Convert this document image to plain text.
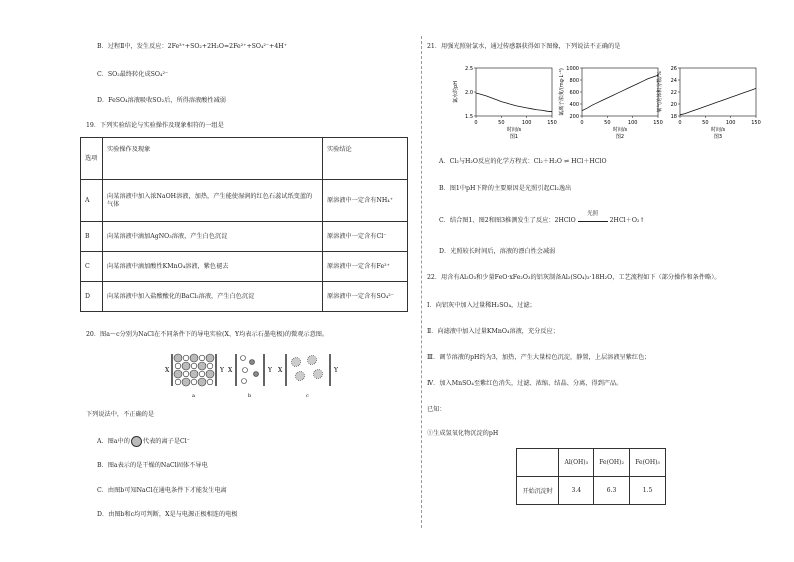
B．过程Ⅱ中，发生反应：2Fe³⁺+SO₂+2H₂O=2Fe²⁺+SO₄²⁻+4H⁺
C．SO₂最终转化成SO₄²⁻
D．FeSO₄溶液吸收SO₂后，所得溶液酸性减弱
19．下列实验结论与实验操作及现象相符的一组是
选项	实验操作及现象	实验结论
A	向某溶液中加入浓NaOH溶液，加热，产生能使湿润的红色石蕊试纸变蓝的气体	原溶液中一定含有NH₄⁺
B	向某溶液中滴加AgNO₃溶液，产生白色沉淀	原溶液中一定含有Cl⁻
C	向某溶液中滴加酸性KMnO₄溶液，紫色褪去	原溶液中一定含有Fe²⁺
D	向某溶液中加入盐酸酸化的BaCl₂溶液，产生白色沉淀	原溶液中一定含有SO₄²⁻
20．图a～c分别为NaCl在不同条件下的导电实验(X、Y均表示石墨电极)的微观示意图。
X	Y
a
X	Y
b
X	Y
c
下列说法中，不正确的是
A．图a中的 代表的离子是Cl⁻
B．图a表示的是干燥的NaCl固体不导电
C．由图b可知NaCl在通电条件下才能发生电离
D．由图b和c均可判断，X是与电源正极相连的电极
21．用强光照射氯水，通过传感器获得如下图像，下列说法不正确的是
0	50	100	150
1.5
2.0
2.5
时间/s
图1
氯水的pH
0	50	100	150
200
400
600
800
1000
时间/s
图2
氯离子浓度/(mg·L⁻¹)
0	50	100	150
18
20
22
24
26
时间/s
图3
氧气的体积分数/%
A．Cl₂与H₂O反应的化学方程式：Cl₂＋H₂O ⇌ HCl＋HClO
B．图1中pH下降的主要原因是光照引起Cl₂逸出
C．结合图1、图2和图3推测发生了反应：2HClO
光照
2HCl＋O₂↑
D．光照较长时间后，溶液的漂白性会减弱
22．用含有Al₂O₃和少量FeO·xFe₂O₃的铝灰制备Al₂(SO₄)₃·18H₂O，工艺流程如下（部分操作和条件略）。
Ⅰ．向铝灰中加入过量稀H₂SO₄，过滤；
Ⅱ．向滤液中加入过量KMnO₄溶液，充分反应；
Ⅲ．调节溶液的pH约为3，加热，产生大量棕色沉淀，静置，上层溶液呈紫红色；
Ⅳ．加入MnSO₄至紫红色消失，过滤、浓缩、结晶、分离，得到产品。
已知：
①生成氢氧化物沉淀的pH
	Al(OH)₃	Fe(OH)₂	Fe(OH)₃
开始沉淀时	3.4	6.3	1.5
